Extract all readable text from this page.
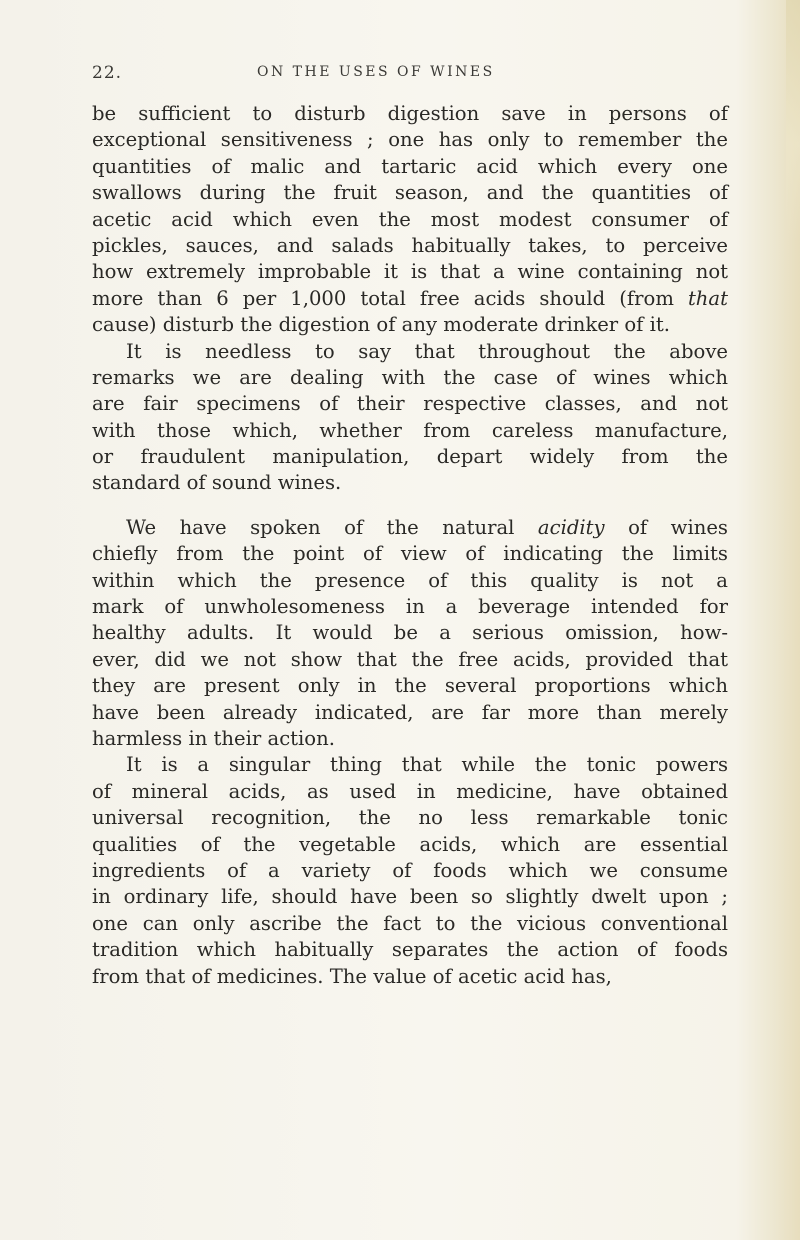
22.	ON THE USES OF WINES
be sufficient to disturb digestion save in persons of
exceptional sensitiveness ; one has only to remember the
quantities of malic and tartaric acid which every one
swallows during the fruit season, and the quantities of
acetic acid which even the most modest consumer of
pickles, sauces, and salads habitually takes, to perceive
how extremely improbable it is that a wine containing not
more than 6 per 1,000 total free acids should (from that
cause) disturb the digestion of any moderate drinker of it.
It is needless to say that throughout the above
remarks we are dealing with the case of wines which
are fair specimens of their respective classes, and not
with those which, whether from careless manufacture,
or fraudulent manipulation, depart widely from the
standard of sound wines.
We have spoken of the natural acidity of wines
chiefly from the point of view of indicating the limits
within which the presence of this quality is not a
mark of unwholesomeness in a beverage intended for
healthy adults. It would be a serious omission, how-
ever, did we not show that the free acids, provided that
they are present only in the several proportions which
have been already indicated, are far more than merely
harmless in their action.
It is a singular thing that while the tonic powers
of mineral acids, as used in medicine, have obtained
universal recognition, the no less remarkable tonic
qualities of the vegetable acids, which are essential
ingredients of a variety of foods which we consume
in ordinary life, should have been so slightly dwelt upon ;
one can only ascribe the fact to the vicious conventional
tradition which habitually separates the action of foods
from that of medicines. The value of acetic acid has,
